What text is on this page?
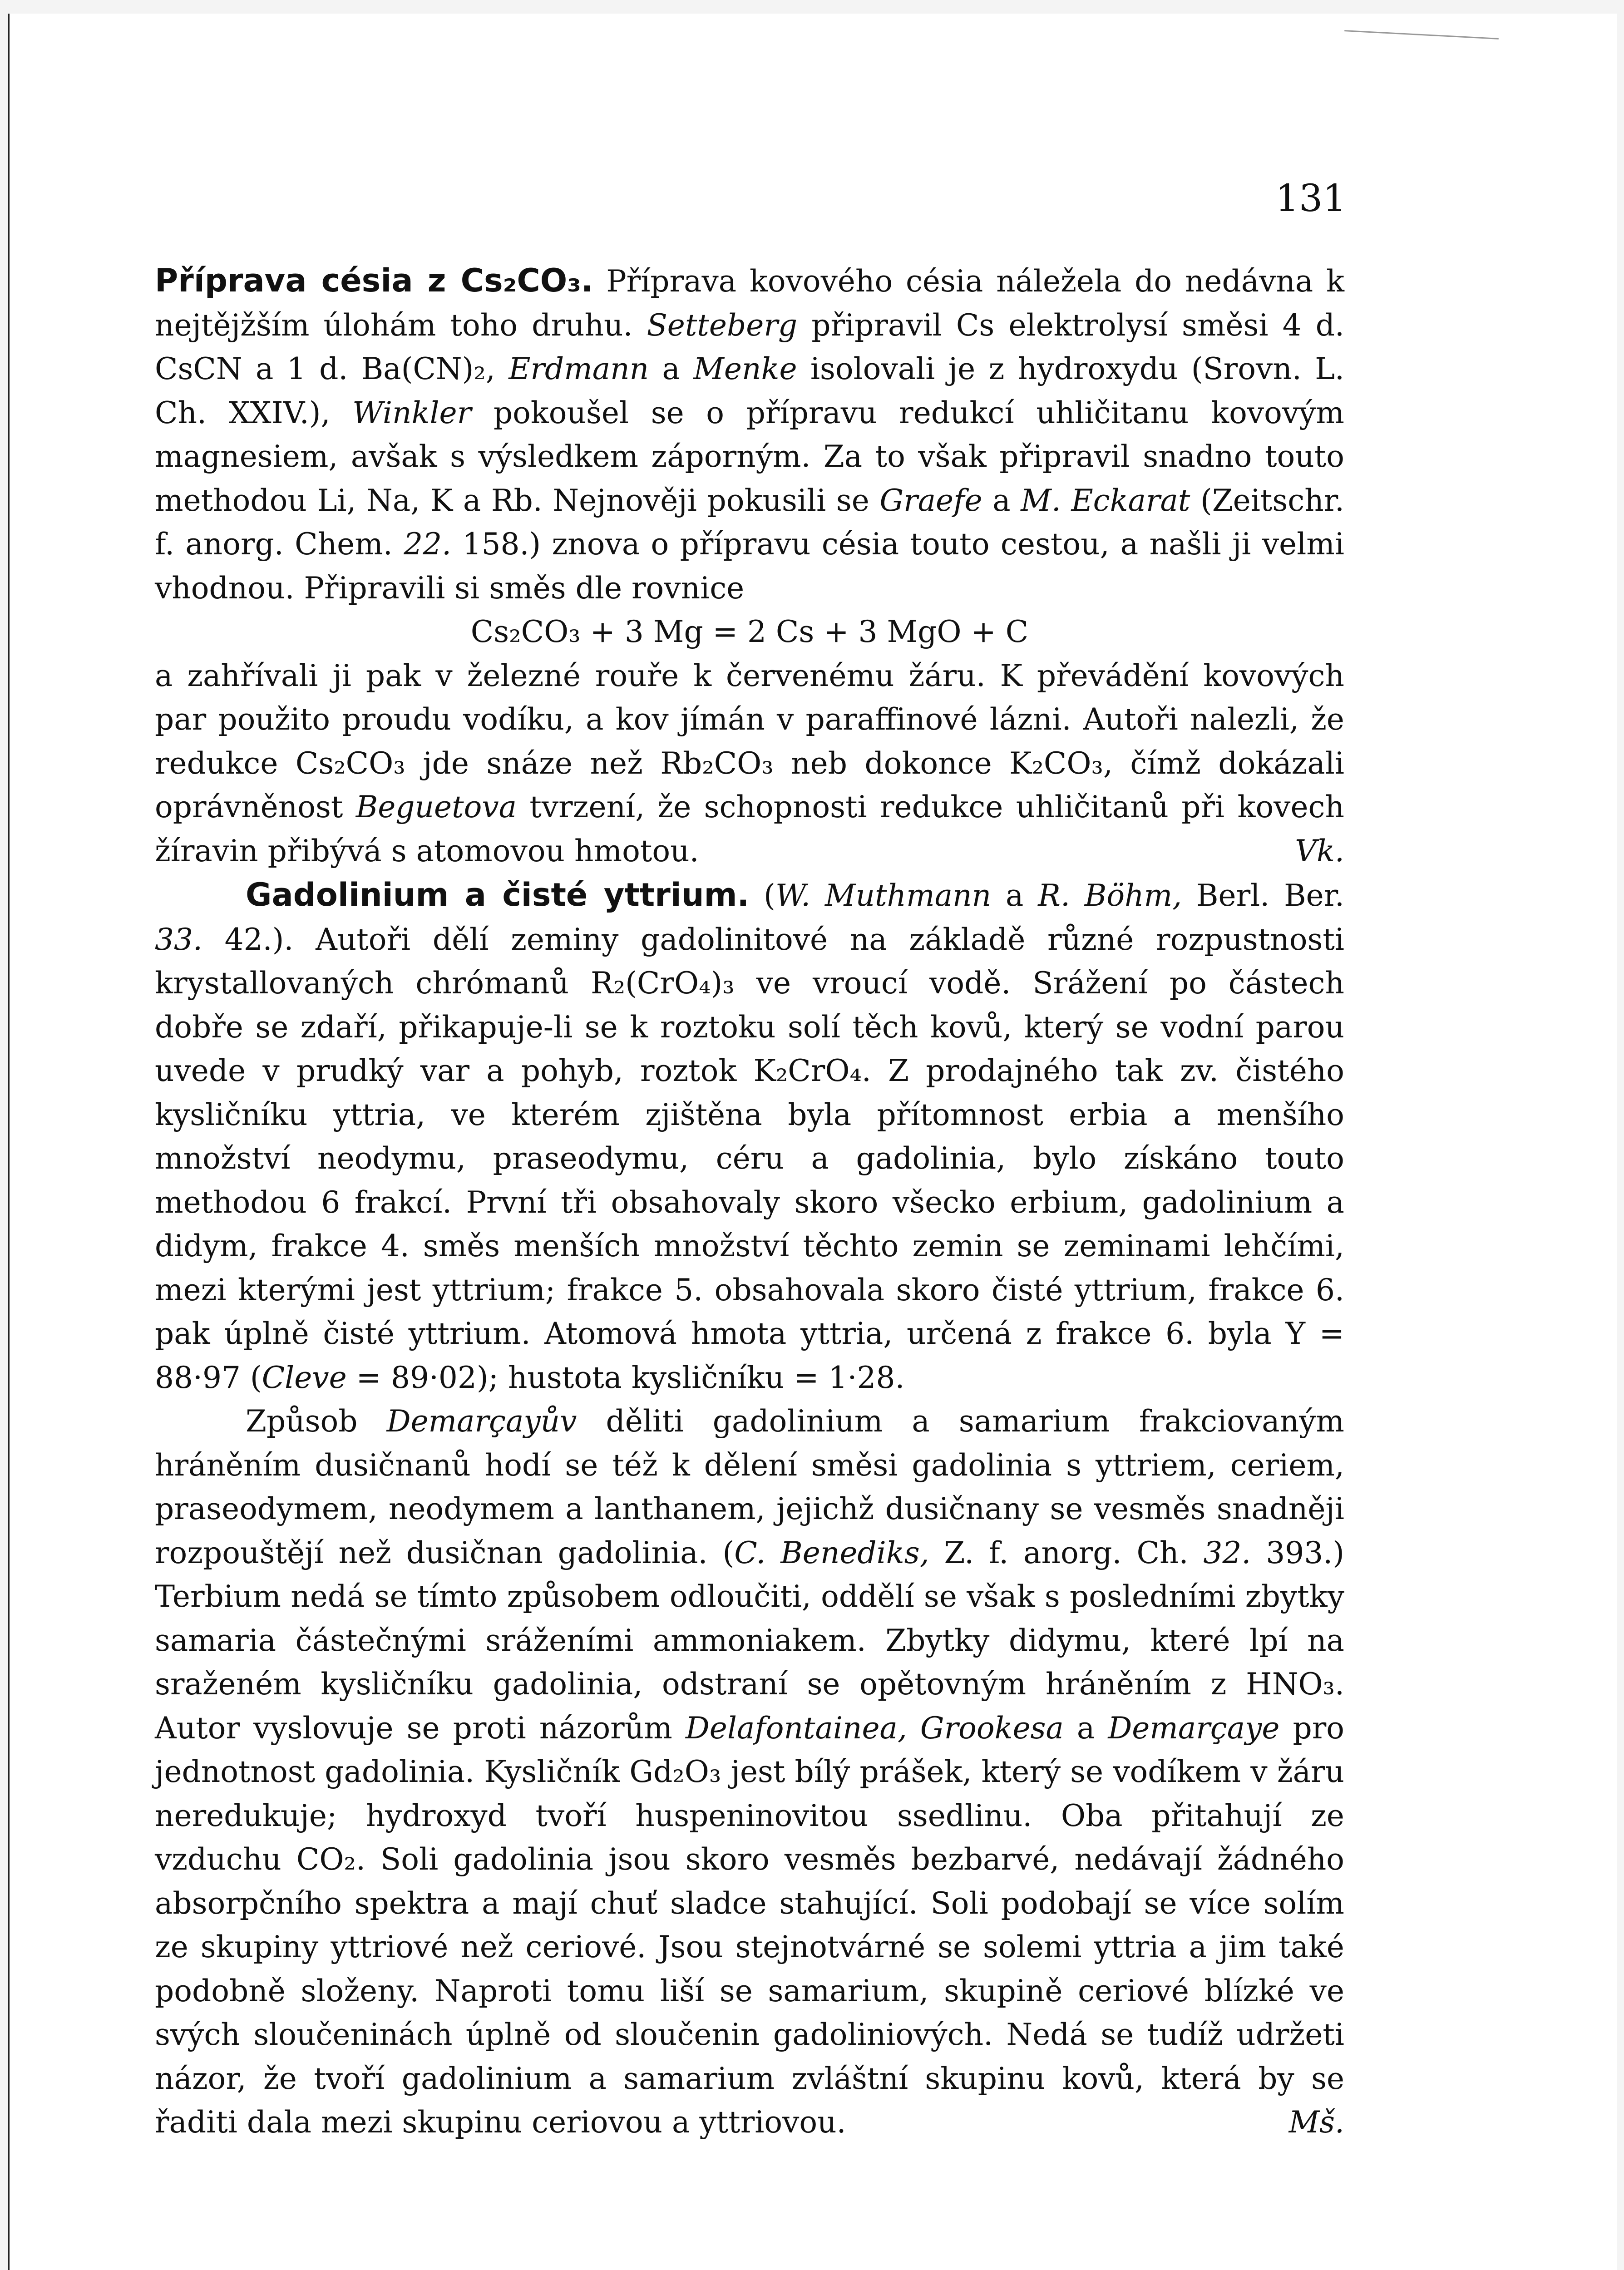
131

Příprava césia z Cs₂CO₃. Příprava kovového césia náležela do nedávna k nejtějžším úlohám toho druhu. Setteberg připravil Cs elektrolysí směsi 4 d. CsCN a 1 d. Ba(CN)₂, Erdmann a Menke isolovali je z hydroxydu (Srovn. L. Ch. XXIV.), Winkler pokoušel se o přípravu redukcí uhličitanu kovovým magnesiem, avšak s výsledkem záporným. Za to však připravil snadno touto methodou Li, Na, K a Rb. Nejnověji pokusili se Graefe a M. Eckarat (Zeitschr. f. anorg. Chem. 22. 158.) znova o přípravu césia touto cestou, a našli ji velmi vhodnou. Připravili si směs dle rovnice

Cs₂CO₃ + 3 Mg = 2 Cs + 3 MgO + C

a zahřívali ji pak v železné rouře k červenému žáru. K převádění kovových par použito proudu vodíku, a kov jímán v paraffinové lázni. Autoři nalezli, že redukce Cs₂CO₃ jde snáze než Rb₂CO₃ neb dokonce K₂CO₃, čímž dokázali oprávněnost Beguetova tvrzení, že schopnosti redukce uhličitanů při kovech žíravin přibývá s atomovou hmotou.	Vk.

Gadolinium a čisté yttrium. (W. Muthmann a R. Böhm, Berl. Ber. 33. 42.). Autoři dělí zeminy gadolinitové na základě různé rozpustnosti krystallovaných chrómanů R₂(CrO₄)₃ ve vroucí vodě. Srážení po částech dobře se zdaří, přikapuje-li se k roztoku solí těch kovů, který se vodní parou uvede v prudký var a pohyb, roztok K₂CrO₄. Z prodajného tak zv. čistého kysličníku yttria, ve kterém zjištěna byla přítomnost erbia a menšího množství neodymu, praseodymu, céru a gadolinia, bylo získáno touto methodou 6 frakcí. První tři obsahovaly skoro všecko erbium, gadolinium a didym, frakce 4. směs menších množství těchto zemin se zeminami lehčími, mezi kterými jest yttrium; frakce 5. obsahovala skoro čisté yttrium, frakce 6. pak úplně čisté yttrium. Atomová hmota yttria, určená z frakce 6. byla Y = 88·97 (Cleve = 89·02); hustota kysličníku = 1·28.

Způsob Demarçayův děliti gadolinium a samarium frakciovaným hráněním dusičnanů hodí se též k dělení směsi gadolinia s yttriem, ceriem, praseodymem, neodymem a lanthanem, jejichž dusičnany se vesměs snadněji rozpouštějí než dusičnan gadolinia. (C. Benediks, Z. f. anorg. Ch. 32. 393.) Terbium nedá se tímto způsobem odloučiti, oddělí se však s posledními zbytky samaria částečnými sráženími ammoniakem. Zbytky didymu, které lpí na sraženém kysličníku gadolinia, odstraní se opětovným hráněním z HNO₃. Autor vyslovuje se proti názorům Delafontainea, Grookesa a Demarçaye pro jednotnost gadolinia. Kysličník Gd₂O₃ jest bílý prášek, který se vodíkem v žáru neredukuje; hydroxyd tvoří huspeninovitou ssedlinu. Oba přitahují ze vzduchu CO₂. Soli gadolinia jsou skoro vesměs bezbarvé, nedávají žádného absorpčního spektra a mají chuť sladce stahující. Soli podobají se více solím ze skupiny yttriové než ceriové. Jsou stejnotvárné se solemi yttria a jim také podobně složeny. Naproti tomu liší se samarium, skupině ceriové blízké ve svých sloučeninách úplně od sloučenin gadoliniových. Nedá se tudíž udržeti názor, že tvoří gadolinium a samarium zvláštní skupinu kovů, která by se řaditi dala mezi skupinu ceriovou a yttriovou.	Mš.
